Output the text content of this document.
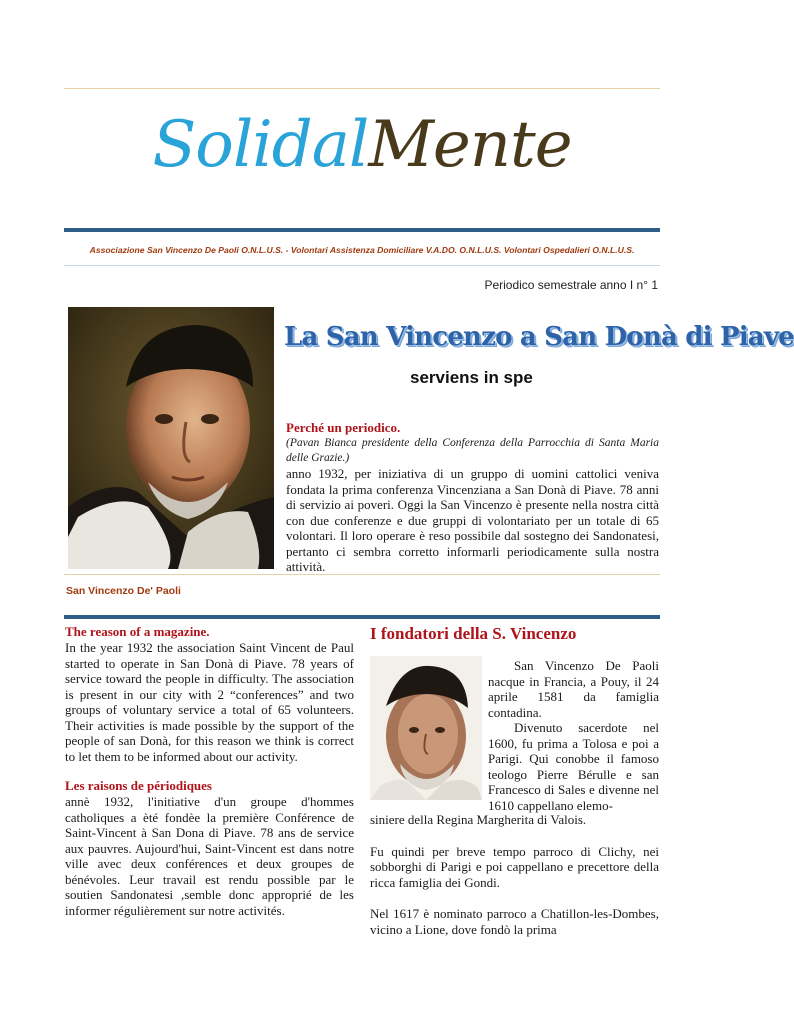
SolidalMente
Associazione San Vincenzo De Paoli O.N.L.U.S. - Volontari Assistenza Domiciliare V.A.DO. O.N.L.U.S. Volontari Ospedalieri O.N.L.U.S.
Periodico semestrale anno I n° 1
San Vincenzo De' Paoli
La San Vincenzo a San Donà di Piave
serviens in spe
Perché un periodico.
(Pavan Bianca presidente della Conferenza della Parrocchia di Santa Maria delle Grazie.)
anno 1932, per iniziativa di un gruppo di uomini cattolici veniva fondata la prima conferenza Vincenziana a San Donà di Piave. 78 anni di servizio ai poveri. Oggi la San Vincenzo è presente nella nostra città con due conferenze e due gruppi di volontariato per un totale di 65 volontari. Il loro operare è reso possibile dal sostegno dei Sandonatesi, pertanto ci sembra corretto informarli periodicamente sulla nostra attività.
The reason of a magazine.
In the year 1932 the association Saint Vincent de Paul started to operate in San Donà di Piave. 78 years of service toward the people in difficulty. The association is present in our city with 2 “conferences” and two groups of voluntary service a total of 65 volunteers. Their activities is made possible by the support of the people of san Donà, for this reason we think is correct to let them to be informed about our activity.
Les raisons de périodiques
annè 1932, l'initiative d'un groupe d'hommes catholiques a èté fondèe la première Conférence de Saint-Vincent à San Dona di Piave. 78 ans de service aux pauvres. Aujourd'hui, Saint-Vincent est dans notre ville avec deux conférences et deux groupes de bénévoles. Leur travail est rendu possible par le soutien Sandonatesi ,semble donc approprié de les informer régulièrement sur notre activités.
I fondatori della S. Vincenzo
San Vincenzo De Paoli nacque in Francia, a Pouy, il 24 aprile 1581 da famiglia contadina.
Divenuto sacerdote nel 1600, fu prima a Tolosa e poi a Parigi. Qui conobbe il famoso teologo Pierre Bérulle e san Francesco di Sales e divenne nel 1610 cappellano elemo-
siniere della Regina Margherita di Valois.
Fu quindi per breve tempo parroco di Clichy, nei sobborghi di Parigi e poi cappellano e precettore della ricca famiglia dei Gondi.
Nel 1617 è nominato parroco a Chatillon-les-Dombes, vicino a Lione, dove fondò la prima
